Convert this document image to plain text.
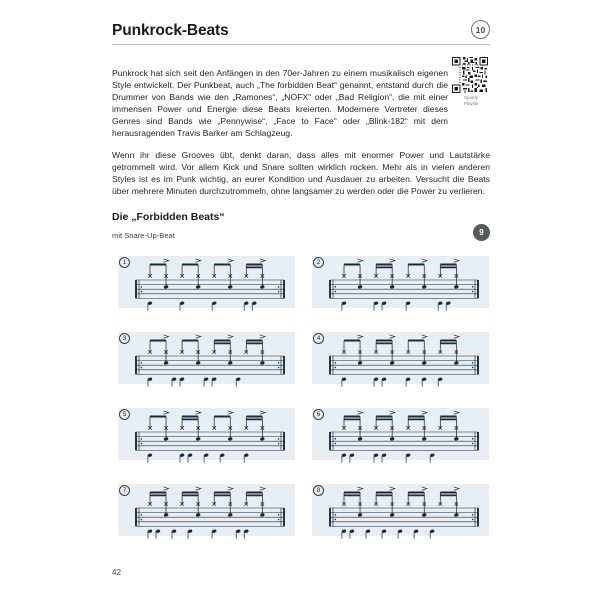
Punkrock-Beats	10

Punkrock hat sich seit den Anfängen in den 70er-Jahren zu einem musikalisch eigenen Style entwickelt. Der Punkbeat, auch „The forbidden Beat“ genannt, entstand durch die Drummer von Bands wie den „Ramones“, „NOFX“ oder „Bad Religion“, die mit einer immensen Power und Energie diese Beats kreierten. Modernere Vertreter dieses Genres sind Bands wie „Pennywise“, „Face to Face“ oder „Blink-182“ mit dem herausragenden Travis Barker am Schlagzeug.

Wenn ihr diese Grooves übt, denkt daran, dass alles mit enormer Power und Lautstärke getrommelt wird. Vor allem Kick und Snare sollten wirklich rocken. Mehr als in vielen anderen Styles ist es im Punk wichtig, an eurer Kondition und Ausdauer zu arbeiten. Versucht die Beats über mehrere Minuten durchzutrommeln, ohne langsamer zu werden oder die Power zu verlieren.

Spotify
Playlist
Die „Forbidden Beats“
mit Snare-Up-Beat	9
1	2
3	4
5	6
7	8
42
